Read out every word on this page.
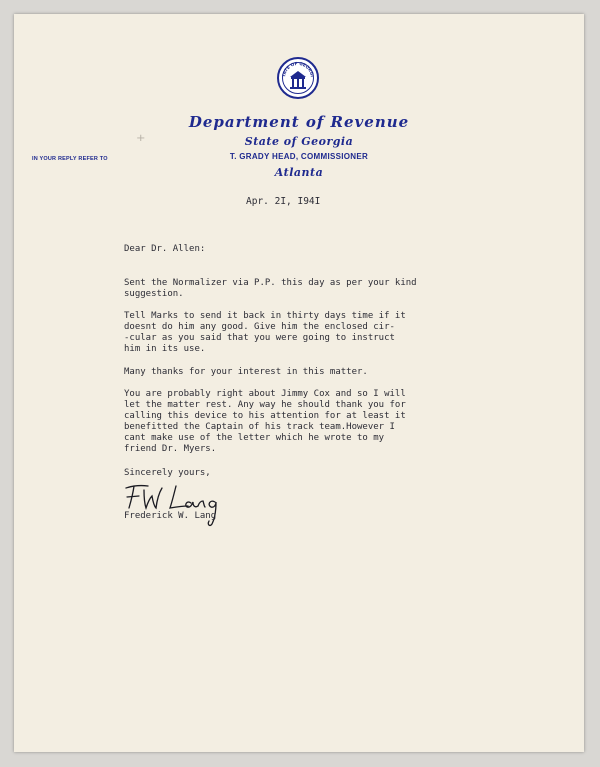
TATE OF GEORGI
Department of Revenue
State of Georgia
T. GRADY HEAD, COMMISSIONER
Atlanta
IN YOUR REPLY REFER TO
⁺
Apr. 2I, I94I
Dear Dr. Allen:
Sent the Normalizer via P.P. this day as per your kind
suggestion.
Tell Marks to send it back in thirty days time if it
doesnt do him any good. Give him the enclosed cir-
-cular as you said that you were going to instruct
him in its use.
Many thanks for your interest in this matter.
You are probably right about Jimmy Cox and so I will
let the matter rest. Any way he should thank you for
calling this device to his attention for at least it
benefitted the Captain of his track team.However I
cant make use of the letter which he wrote to my
friend Dr. Myers.
Sincerely yours,
Frederick W. Lang
